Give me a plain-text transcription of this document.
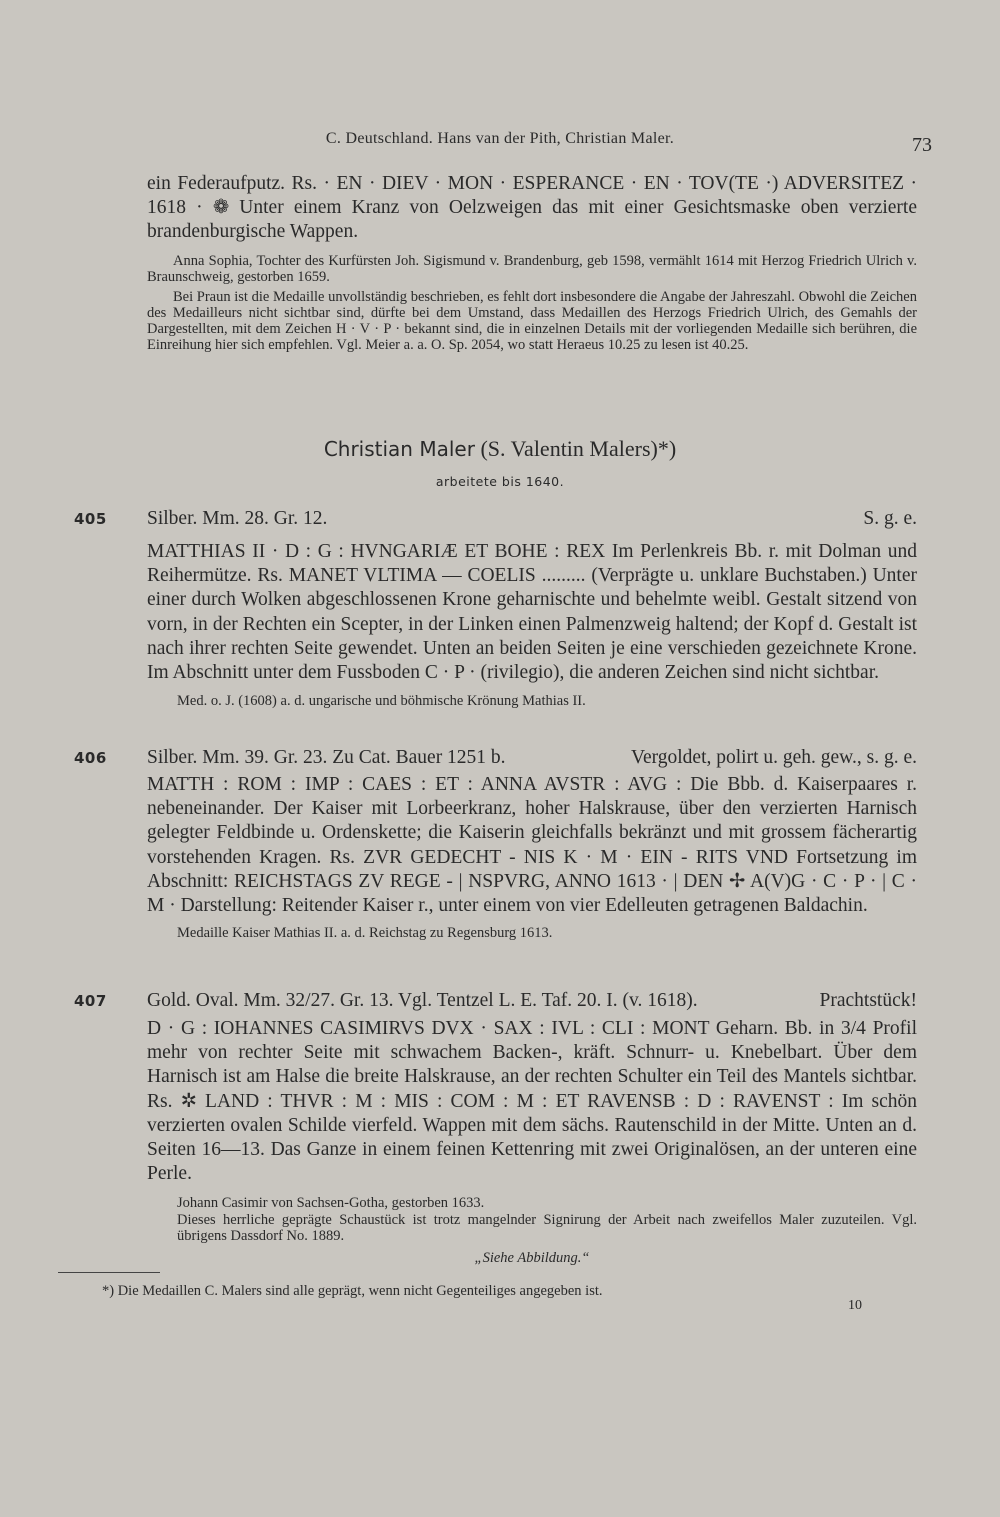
C. Deutschland. Hans van der Pith, Christian Maler.	73

ein Federaufputz. Rs. · EN · DIEV · MON · ESPERANCE · EN · TOV(TE ·) ADVERSITEZ · 1618 · ❁ Unter einem Kranz von Oelzweigen das mit einer Gesichtsmaske oben verzierte brandenburgische Wappen.

Anna Sophia, Tochter des Kurfürsten Joh. Sigismund v. Brandenburg, geb 1598, vermählt 1614 mit Herzog Friedrich Ulrich v. Braunschweig, gestorben 1659.

Bei Praun ist die Medaille unvollständig beschrieben, es fehlt dort insbesondere die Angabe der Jahreszahl. Obwohl die Zeichen des Medailleurs nicht sichtbar sind, dürfte bei dem Umstand, dass Medaillen des Herzogs Friedrich Ulrich, des Gemahls der Dargestellten, mit dem Zeichen H · V · P · bekannt sind, die in einzelnen Details mit der vorliegenden Medaille sich berühren, die Einreihung hier sich empfehlen. Vgl. Meier a. a. O. Sp. 2054, wo statt Heraeus 10.25 zu lesen ist 40.25.

Christian Maler (S. Valentin Malers)*)
arbeitete bis 1640.
405 Silber. Mm. 28. Gr. 12.	S. g. e.

MATTHIAS II · D : G : HVNGARIÆ ET BOHE : REX Im Perlenkreis Bb. r. mit Dolman und Reihermütze. Rs. MANET VLTIMA — COELIS ......... (Verprägte u. unklare Buchstaben.) Unter einer durch Wolken abgeschlossenen Krone geharnischte und behelmte weibl. Gestalt sitzend von vorn, in der Rechten ein Scepter, in der Linken einen Palmenzweig haltend; der Kopf d. Gestalt ist nach ihrer rechten Seite gewendet. Unten an beiden Seiten je eine verschieden gezeichnete Krone. Im Abschnitt unter dem Fussboden C · P · (rivilegio), die anderen Zeichen sind nicht sichtbar.

Med. o. J. (1608) a. d. ungarische und böhmische Krönung Mathias II.

406 Silber. Mm. 39. Gr. 23. Zu Cat. Bauer 1251 b.	Vergoldet, polirt u. geh. gew., s. g. e.

MATTH : ROM : IMP : CAES : ET : ANNA AVSTR : AVG : Die Bbb. d. Kaiserpaares r. nebeneinander. Der Kaiser mit Lorbeerkranz, hoher Halskrause, über den verzierten Harnisch gelegter Feldbinde u. Ordenskette; die Kaiserin gleichfalls bekränzt und mit grossem fächerartig vorstehenden Kragen. Rs. ZVR GEDECHT - NIS K · M · EIN - RITS VND Fortsetzung im Abschnitt: REICHSTAGS ZV REGE - | NSPVRG, ANNO 1613 · | DEN ✢ A(V)G · C · P · | C · M · Darstellung: Reitender Kaiser r., unter einem von vier Edelleuten getragenen Baldachin.

Medaille Kaiser Mathias II. a. d. Reichstag zu Regensburg 1613.

407 Gold. Oval. Mm. 32/27. Gr. 13. Vgl. Tentzel L. E. Taf. 20. I. (v. 1618).	Prachtstück!

D · G : IOHANNES CASIMIRVS DVX · SAX : IVL : CLI : MONT Geharn. Bb. in 3/4 Profil mehr von rechter Seite mit schwachem Backen-, kräft. Schnurr- u. Knebelbart. Über dem Harnisch ist am Halse die breite Halskrause, an der rechten Schulter ein Teil des Mantels sichtbar. Rs. ✲ LAND : THVR : M : MIS : COM : M : ET RAVENSB : D : RAVENST : Im schön verzierten ovalen Schilde vierfeld. Wappen mit dem sächs. Rautenschild in der Mitte. Unten an d. Seiten 16—13. Das Ganze in einem feinen Kettenring mit zwei Originalösen, an der unteren eine Perle.

Johann Casimir von Sachsen-Gotha, gestorben 1633.

Dieses herrliche geprägte Schaustück ist trotz mangelnder Signirung der Arbeit nach zweifellos Maler zuzuteilen. Vgl. übrigens Dassdorf No. 1889.

„Siehe Abbildung.“

*) Die Medaillen C. Malers sind alle geprägt, wenn nicht Gegenteiliges angegeben ist.
10
